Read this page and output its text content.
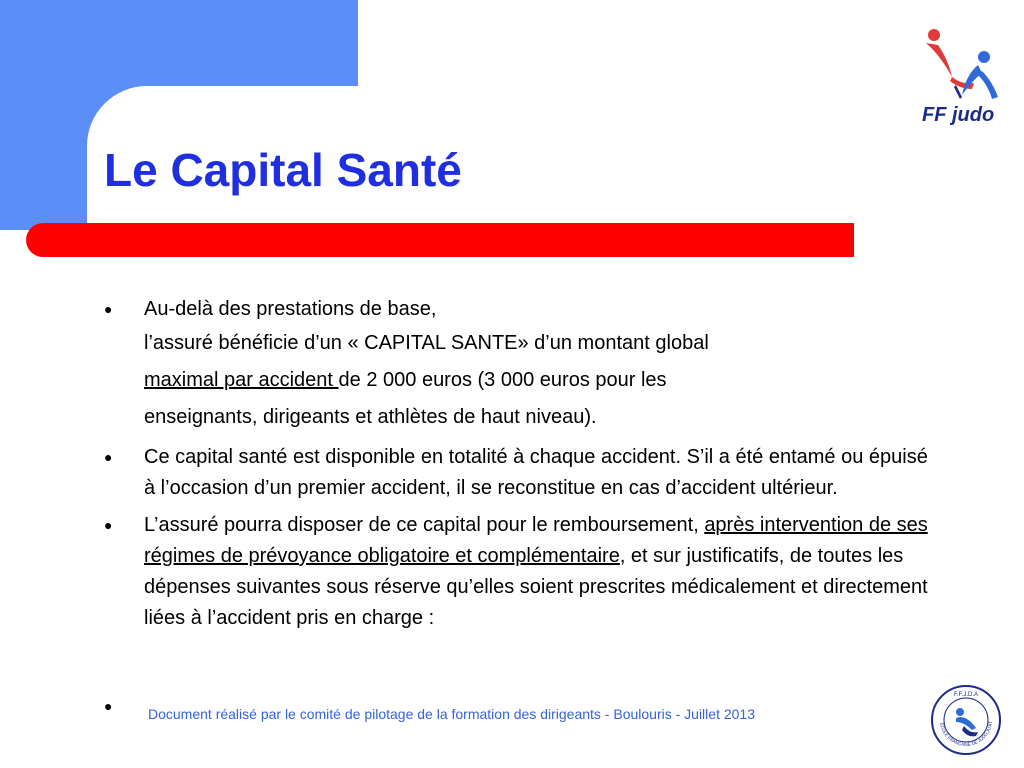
Le Capital Santé
FF judo
●	Au-delà des prestations de base,
l’assuré bénéficie d’un « CAPITAL SANTE» d’un montant global
maximal par accident de 2 000 euros (3 000 euros pour les
enseignants, dirigeants et athlètes de haut niveau).
●	Ce capital santé est disponible en totalité à chaque accident. S’il a été entamé ou épuisé à l’occasion d’un premier accident, il se reconstitue en cas d’accident ultérieur.
●	L’assuré pourra disposer de ce capital pour le remboursement, après intervention de ses régimes de prévoyance obligatoire et complémentaire, et sur justificatifs, de toutes les dépenses suivantes sous réserve qu’elles soient prescrites médicalement et directement liées à l’accident pris en charge :
●	Document réalisé par le comité de pilotage de la formation des dirigeants - Boulouris - Juillet 2013
F.F.J.D.A
ECOLE FRANCAISE DE JUDO JUJIT
